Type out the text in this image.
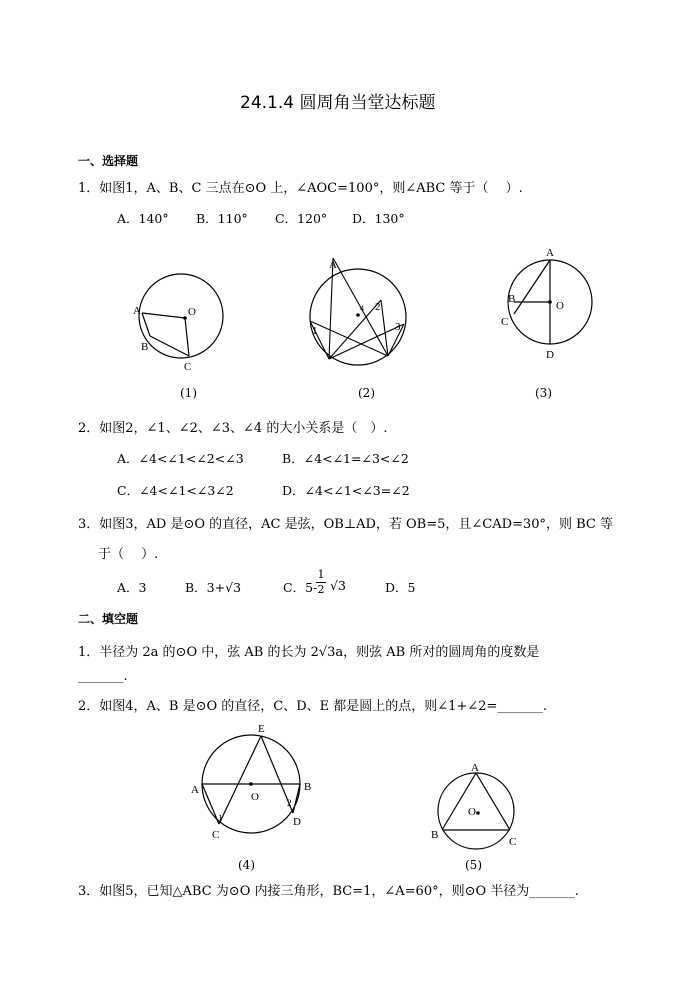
24.1.4 圆周角当堂达标题
一、选择题
1．如图1，A、B、C 三点在⊙O 上，∠AOC=100°，则∠ABC 等于（　 ）.
A．140° B．110° C．120° D．130°
A	O
B
C
(1)
A
1
2
3
4
(2)
A
B
O
C
D
(3)
2．如图2，∠1、∠2、∠3、∠4 的大小关系是（　）.
A．∠4<∠1<∠2<∠3	B．∠4<∠1=∠3<∠2
C．∠4<∠1<∠3∠2	D．∠4<∠1<∠3=∠2
3．如图3，AD 是⊙O 的直径，AC 是弦，OB⊥AD，若 OB=5，且∠CAD=30°，则 BC 等
于（　 ）.
A．3	B．3+√3	C．5-
$\frac{1}{2} √3$	D．5
二、填空题
1．半径为 2a 的⊙O 中，弦 AB 的长为 2√3a，则弦 AB 所对的圆周角的度数是
_______.
2．如图4，A、B 是⊙O 的直径，C、D、E 都是圆上的点，则∠1+∠2=_______.
E
A
O
B
1
2
C
D
(4)
A
O
B
C
(5)
3．如图5，已知△ABC 为⊙O 内接三角形，BC=1，∠A=60°，则⊙O 半径为_______.
